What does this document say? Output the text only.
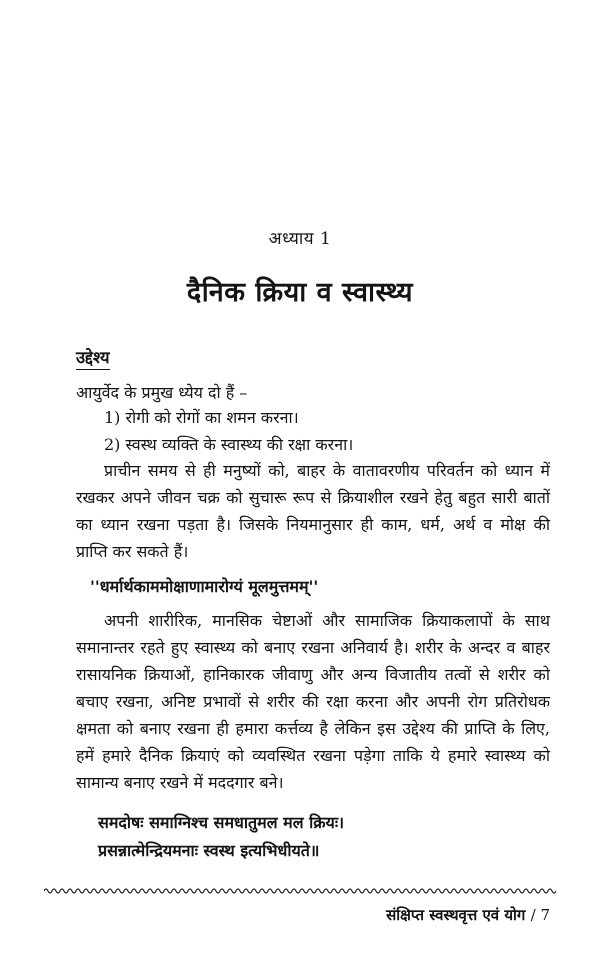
अध्याय 1
दैनिक क्रिया व स्वास्थ्य
उद्देश्य
आयुर्वेद के प्रमुख ध्येय दो हैं –
1) रोगी को रोगों का शमन करना।
2) स्वस्थ व्यक्ति के स्वास्थ्य की रक्षा करना।
प्राचीन समय से ही मनुष्यों को, बाहर के वातावरणीय परिवर्तन को ध्यान में
रखकर अपने जीवन चक्र को सुचारू रूप से क्रियाशील रखने हेतु बहुत सारी बातों
का ध्यान रखना पड़ता है। जिसके नियमानुसार ही काम, धर्म, अर्थ व मोक्ष की
प्राप्ति कर सकते हैं।
''धर्मार्थकाममोक्षाणामारोग्यं मूलमुत्तमम्''
अपनी शारीरिक, मानसिक चेष्टाओं और सामाजिक क्रियाकलापों के साथ
समानान्तर रहते हुए स्वास्थ्य को बनाए रखना अनिवार्य है। शरीर के अन्दर व बाहर
रासायनिक क्रियाओं, हानिकारक जीवाणु और अन्य विजातीय तत्वों से शरीर को
बचाए रखना, अनिष्ट प्रभावों से शरीर की रक्षा करना और अपनी रोग प्रतिरोधक
क्षमता को बनाए रखना ही हमारा कर्त्तव्य है लेकिन इस उद्देश्य की प्राप्ति के लिए,
हमें हमारे दैनिक क्रियाएं को व्यवस्थित रखना पड़ेगा ताकि ये हमारे स्वास्थ्य को
सामान्य बनाए रखने में मददगार बने।
समदोषः समाग्निश्च समधातुमल मल क्रियः।
प्रसन्नात्मेन्द्रियमनाः स्वस्थ इत्यभिधीयते॥
संक्षिप्त स्वस्थवृत्त एवं योग / 7
